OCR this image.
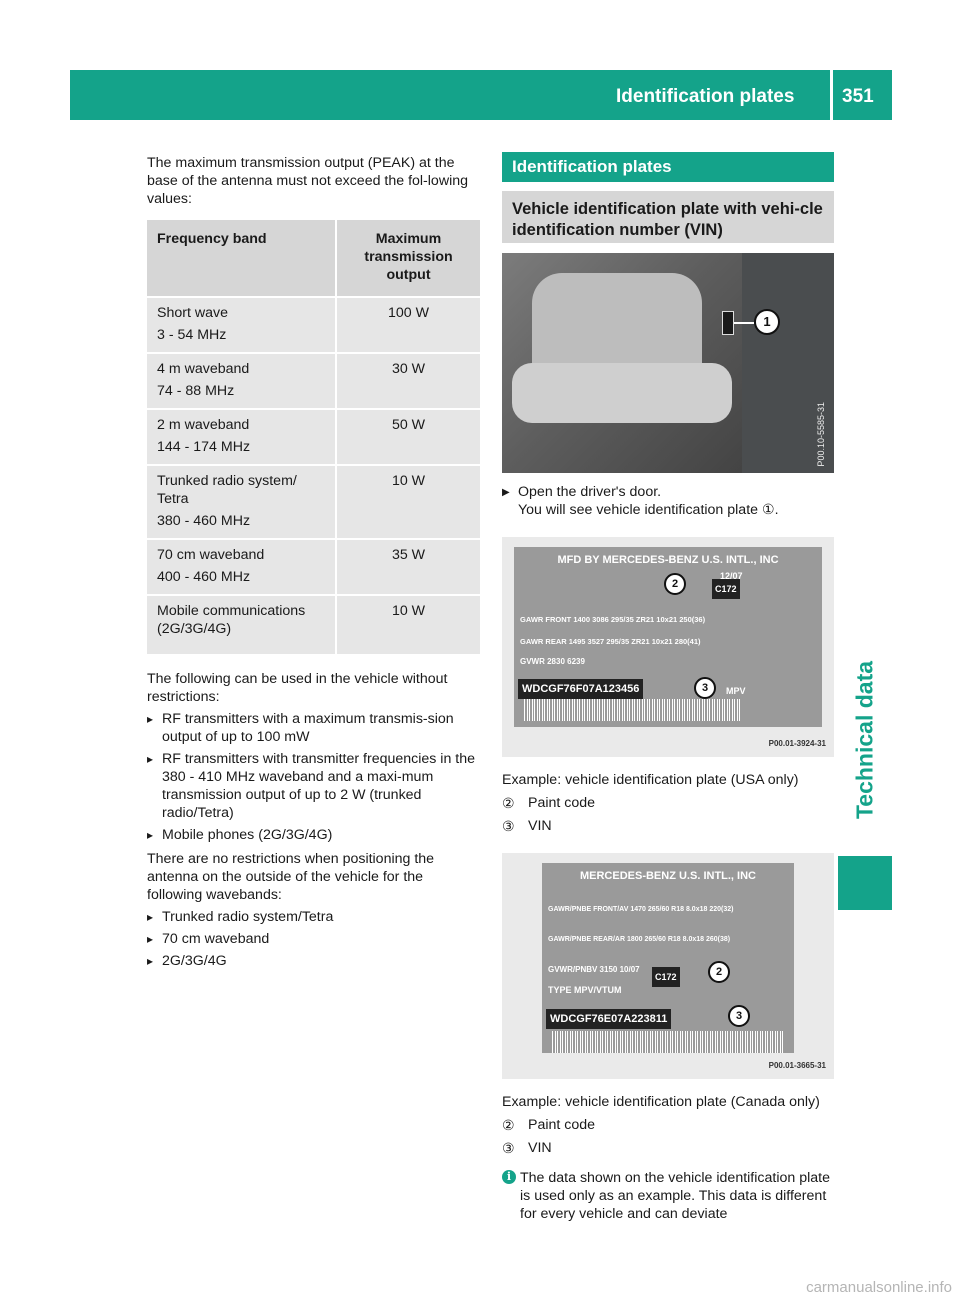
Identification plates	351
Technical data

The maximum transmission output (PEAK) at the base of the antenna must not exceed the fol-lowing values:

Frequency band	Maximum transmission output

Short wave
3 - 54 MHz	100 W

4 m waveband
74 - 88 MHz	30 W

2 m waveband
144 - 174 MHz	50 W

Trunked radio system/ Tetra
380 - 460 MHz	10 W

70 cm waveband
400 - 460 MHz	35 W

Mobile communications (2G/3G/4G)	10 W

The following can be used in the vehicle without restrictions:

▸ RF transmitters with a maximum transmis-sion output of up to 100 mW
▸ RF transmitters with transmitter frequencies in the 380 - 410 MHz waveband and a maxi-mum transmission output of up to 2 W (trunked radio/Tetra)
▸ Mobile phones (2G/3G/4G)

There are no restrictions when positioning the antenna on the outside of the vehicle for the following wavebands:

▸ Trunked radio system/Tetra
▸ 70 cm waveband
▸ 2G/3G/4G
Identification plates
Vehicle identification plate with vehi-cle identification number (VIN)
1
P00.10-5585-31
▶ Open the driver's door.
You will see vehicle identification plate ①.
MFD BY MERCEDES-BENZ U.S. INTL., INC
C172
12/07
2
GAWR FRONT 1400 3086 295/35 ZR21 10x21 250(36)
GAWR REAR 1495 3527 295/35 ZR21 10x21 280(41)
GVWR 2830 6239
WDCGF76F07A123456	3	MPV
P00.01-3924-31
Example: vehicle identification plate (USA only)
② Paint code
③ VIN
MERCEDES-BENZ U.S. INTL., INC
GAWR/PNBE FRONT/AV 1470 265/60 R18 8.0x18 220(32)
GAWR/PNBE REAR/AR 1800 265/60 R18 8.0x18 260(38)
GVWR/PNBV 3150 10/07
TYPE MPV/VTUM
C172	2
WDCGF76E07A223811	3
P00.01-3665-31
Example: vehicle identification plate (Canada only)
② Paint code
③ VIN
i The data shown on the vehicle identification plate is used only as an example. This data is different for every vehicle and can deviate
carmanualsonline.info
